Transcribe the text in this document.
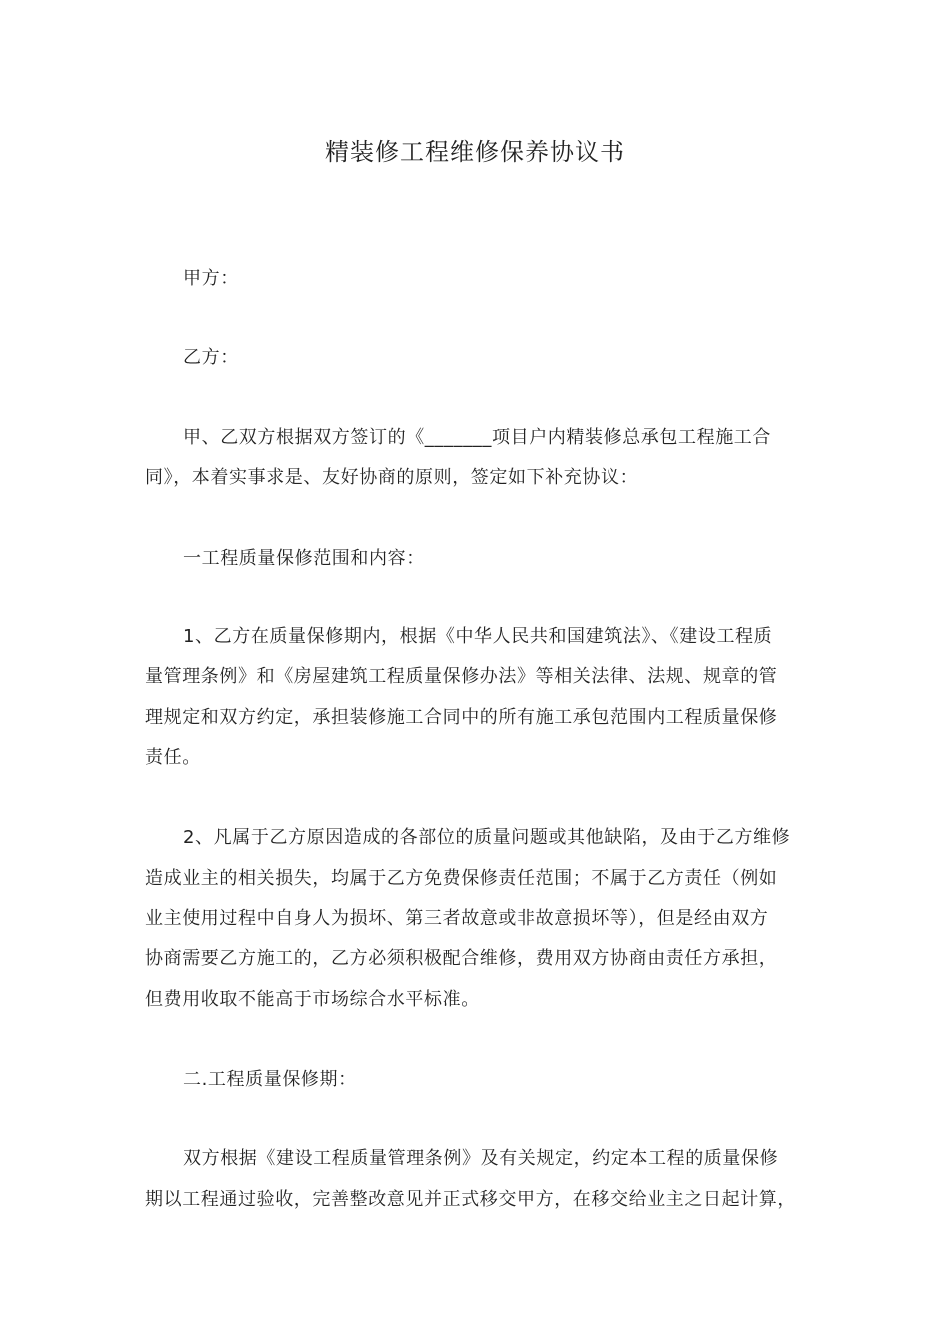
精装修工程维修保养协议书
甲方：
乙方：
甲、乙双方根据双方签订的《_______项目户内精装修总承包工程施工合
同》，本着实事求是、友好协商的原则，签定如下补充协议：
一工程质量保修范围和内容：
1、乙方在质量保修期内，根据《中华人民共和国建筑法》、《建设工程质
量管理条例》和《房屋建筑工程质量保修办法》等相关法律、法规、规章的管
理规定和双方约定，承担装修施工合同中的所有施工承包范围内工程质量保修
责任。
2、凡属于乙方原因造成的各部位的质量问题或其他缺陷，及由于乙方维修
造成业主的相关损失，均属于乙方免费保修责任范围；不属于乙方责任（例如
业主使用过程中自身人为损坏、第三者故意或非故意损坏等），但是经由双方
协商需要乙方施工的，乙方必须积极配合维修，费用双方协商由责任方承担，
但费用收取不能高于市场综合水平标准。
二.工程质量保修期：
双方根据《建设工程质量管理条例》及有关规定，约定本工程的质量保修
期以工程通过验收，完善整改意见并正式移交甲方，在移交给业主之日起计算，
